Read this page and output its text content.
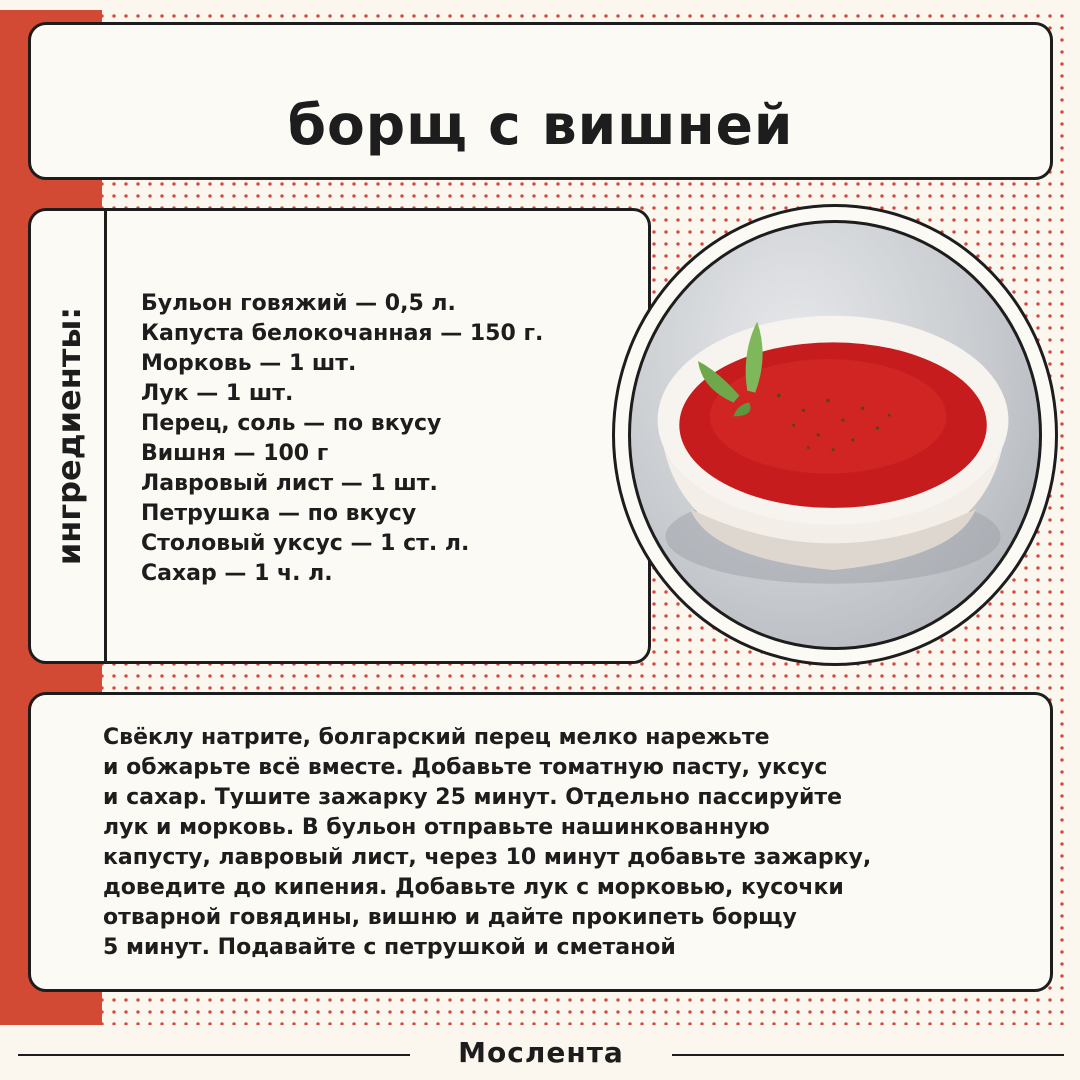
борщ с вишней
ингредиенты:
Бульон говяжий — 0,5 л.
Капуста белокочанная — 150 г.
Морковь — 1 шт.
Лук — 1 шт.
Перец, соль — по вкусу
Вишня — 100 г
Лавровый лист — 1 шт.
Петрушка — по вкусу
Столовый уксус — 1 ст. л.
Сахар — 1 ч. л.
Свёклу натрите, болгарский перец мелко нарежьте
и обжарьте всё вместе. Добавьте томатную пасту, уксус
и сахар. Тушите зажарку 25 минут. Отдельно пассируйте
лук и морковь. В бульон отправьте нашинкованную
капусту, лавровый лист, через 10 минут добавьте зажарку,
доведите до кипения. Добавьте лук с морковью, кусочки
отварной говядины, вишню и дайте прокипеть борщу
5 минут. Подавайте с петрушкой и сметаной
Мослента
